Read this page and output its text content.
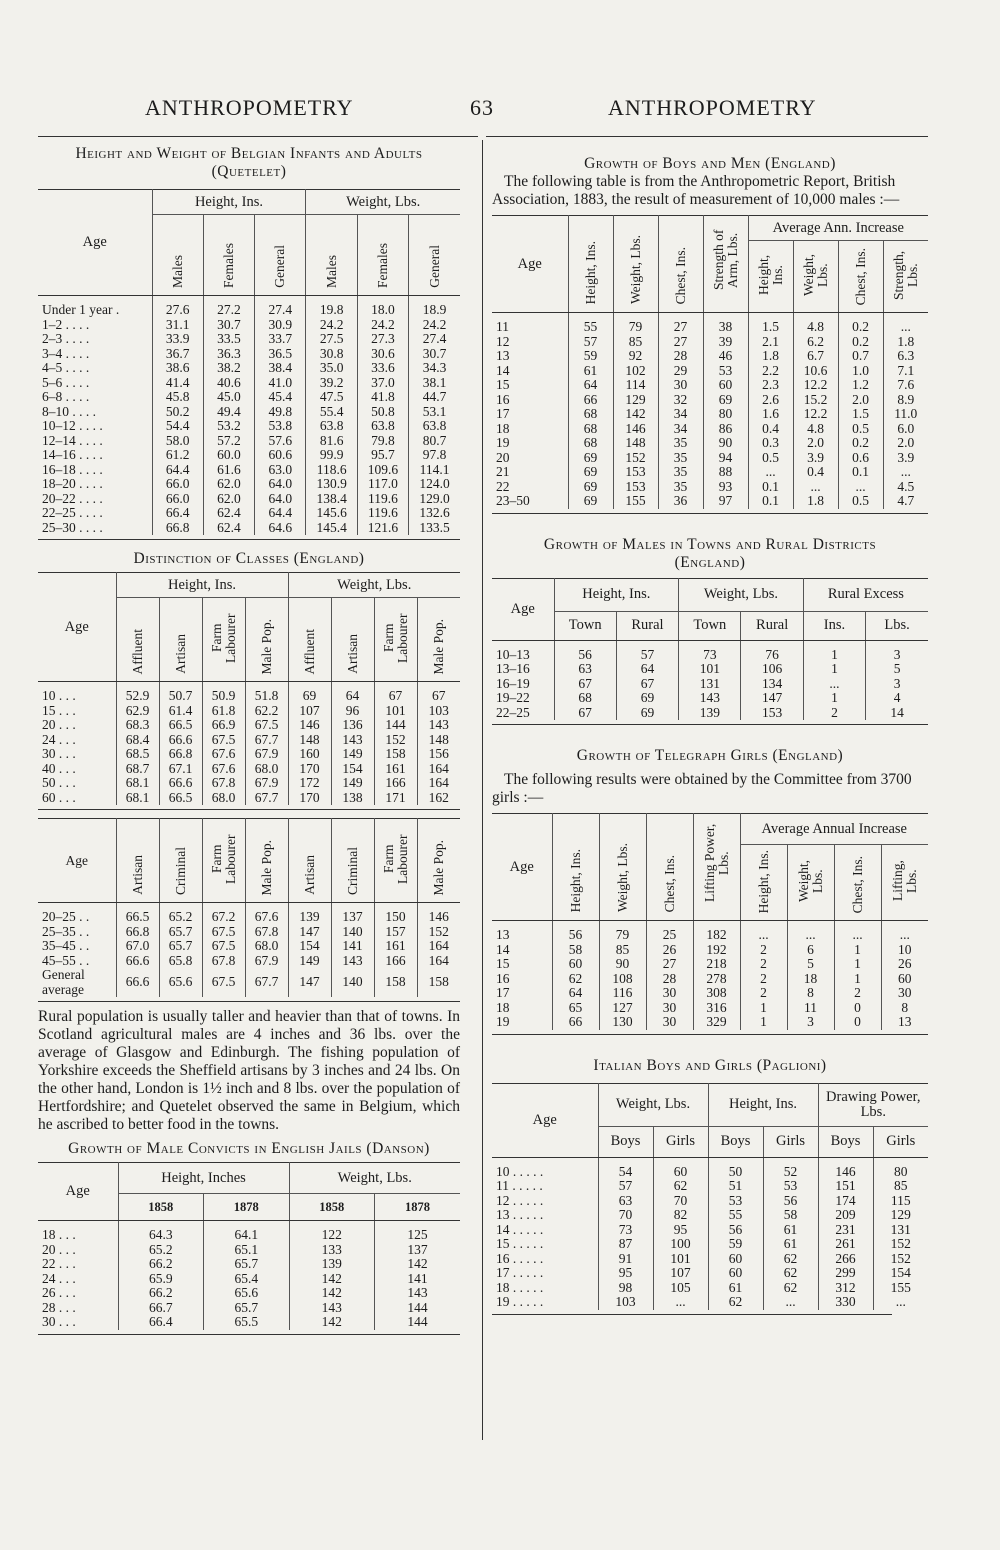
ANTHROPOMETRY	63	ANTHROPOMETRY

Height and Weight of Belgian Infants and Adults (Quetelet)

Age	Height, Ins.			Weight, Lbs.		
	Males	Females	General	Males	Females	General
Under 1 year .	27.6	27.2	27.4	19.8	18.0	18.9
1–2 . . . .	31.1	30.7	30.9	24.2	24.2	24.2
2–3 . . . .	33.9	33.5	33.7	27.5	27.3	27.4
3–4 . . . .	36.7	36.3	36.5	30.8	30.6	30.7
4–5 . . . .	38.6	38.2	38.4	35.0	33.6	34.3
5–6 . . . .	41.4	40.6	41.0	39.2	37.0	38.1
6–8 . . . .	45.8	45.0	45.4	47.5	41.8	44.7
8–10 . . . .	50.2	49.4	49.8	55.4	50.8	53.1
10–12 . . . .	54.4	53.2	53.8	63.8	63.8	63.8
12–14 . . . .	58.0	57.2	57.6	81.6	79.8	80.7
14–16 . . . .	61.2	60.0	60.6	99.9	95.7	97.8
16–18 . . . .	64.4	61.6	63.0	118.6	109.6	114.1
18–20 . . . .	66.0	62.0	64.0	130.9	117.0	124.0
20–22 . . . .	66.0	62.0	64.0	138.4	119.6	129.0
22–25 . . . .	66.4	62.4	64.4	145.6	119.6	132.6
25–30 . . . .	66.8	62.4	64.6	145.4	121.6	133.5

Distinction of Classes (England)

Age	Height, Ins.				Weight, Lbs.			
	Affluent	Artisan	Farm Labourer	Male Pop.	Affluent	Artisan	Farm Labourer	Male Pop.
10 . . .	52.9	50.7	50.9	51.8	69	64	67	67
15 . . .	62.9	61.4	61.8	62.2	107	96	101	103
20 . . .	68.3	66.5	66.9	67.5	146	136	144	143
24 . . .	68.4	66.6	67.5	67.7	148	143	152	148
30 . . .	68.5	66.8	67.6	67.9	160	149	158	156
40 . . .	68.7	67.1	67.6	68.0	170	154	161	164
50 . . .	68.1	66.6	67.8	67.9	172	149	166	164
60 . . .	68.1	66.5	68.0	67.7	170	138	171	162
Age	Artisan	Criminal	Farm Labourer	Male Pop.	Artisan	Criminal	Farm Labourer	Male Pop.
20–25 . .	66.5	65.2	67.2	67.6	139	137	150	146
25–35 . .	66.8	65.7	67.5	67.8	147	140	157	152
35–45 . .	67.0	65.7	67.5	68.0	154	141	161	164
45–55 . .	66.6	65.8	67.8	67.9	149	143	166	164
General average	66.6	65.6	67.5	67.7	147	140	158	158

Rural population is usually taller and heavier than that of towns. In Scotland agricultural males are 4 inches and 36 lbs. over the average of Glasgow and Edinburgh. The fishing population of Yorkshire exceeds the Sheffield artisans by 3 inches and 24 lbs. On the other hand, London is 1½ inch and 8 lbs. over the population of Hertfordshire; and Quetelet observed the same in Belgium, which he ascribed to better food in the towns.

Growth of Male Convicts in English Jails (Danson)

Age	Height, Inches		Weight, Lbs.	
	1858	1878	1858	1878
18 . . .	64.3	64.1	122	125
20 . . .	65.2	65.1	133	137
22 . . .	66.2	65.7	139	142
24 . . .	65.9	65.4	142	141
26 . . .	66.2	65.6	142	143
28 . . .	66.7	65.7	143	144
30 . . .	66.4	65.5	142	144

Growth of Boys and Men (England)

The following table is from the Anthropometric Report, British Association, 1883, the result of measurement of 10,000 males :—

Age	Height, Ins.	Weight, Lbs.	Chest, Ins.	Strength of Arm, Lbs.	Average Ann. Increase			
					Height, Ins.	Weight, Lbs.	Chest, Ins.	Strength, Lbs.
11	55	79	27	38	1.5	4.8	0.2	...
12	57	85	27	39	2.1	6.2	0.2	1.8
13	59	92	28	46	1.8	6.7	0.7	6.3
14	61	102	29	53	2.2	10.6	1.0	7.1
15	64	114	30	60	2.3	12.2	1.2	7.6
16	66	129	32	69	2.6	15.2	2.0	8.9
17	68	142	34	80	1.6	12.2	1.5	11.0
18	68	146	34	86	0.4	4.8	0.5	6.0
19	68	148	35	90	0.3	2.0	0.2	2.0
20	69	152	35	94	0.5	3.9	0.6	3.9
21	69	153	35	88	...	0.4	0.1	...
22	69	153	35	93	0.1	...	...	4.5
23–50	69	155	36	97	0.1	1.8	0.5	4.7

Growth of Males in Towns and Rural Districts (England)

Age	Height, Ins.		Weight, Lbs.		Rural Excess	
	Town	Rural	Town	Rural	Ins.	Lbs.
10–13	56	57	73	76	1	3
13–16	63	64	101	106	1	5
16–19	67	67	131	134	...	3
19–22	68	69	143	147	1	4
22–25	67	69	139	153	2	14

Growth of Telegraph Girls (England)

The following results were obtained by the Committee from 3700 girls :—

Age	Height, Ins.	Weight, Lbs.	Chest, Ins.	Lifting Power, Lbs.	Average Annual Increase			
					Height, Ins.	Weight, Lbs.	Chest, Ins.	Lifting, Lbs.
13	56	79	25	182	...	...	...	...
14	58	85	26	192	2	6	1	10
15	60	90	27	218	2	5	1	26
16	62	108	28	278	2	18	1	60
17	64	116	30	308	2	8	2	30
18	65	127	30	316	1	11	0	8
19	66	130	30	329	1	3	0	13

Italian Boys and Girls (Paglioni)

Age	Weight, Lbs.		Height, Ins.		Drawing Power, Lbs.	
	Boys	Girls	Boys	Girls	Boys	Girls
10 . . . . .	54	60	50	52	146	80
11 . . . . .	57	62	51	53	151	85
12 . . . . .	63	70	53	56	174	115
13 . . . . .	70	82	55	58	209	129
14 . . . . .	73	95	56	61	231	131
15 . . . . .	87	100	59	61	261	152
16 . . . . .	91	101	60	62	266	152
17 . . . . .	95	107	60	62	299	154
18 . . . . .	98	105	61	62	312	155
19 . . . . .	103	...	62	...	330	...
